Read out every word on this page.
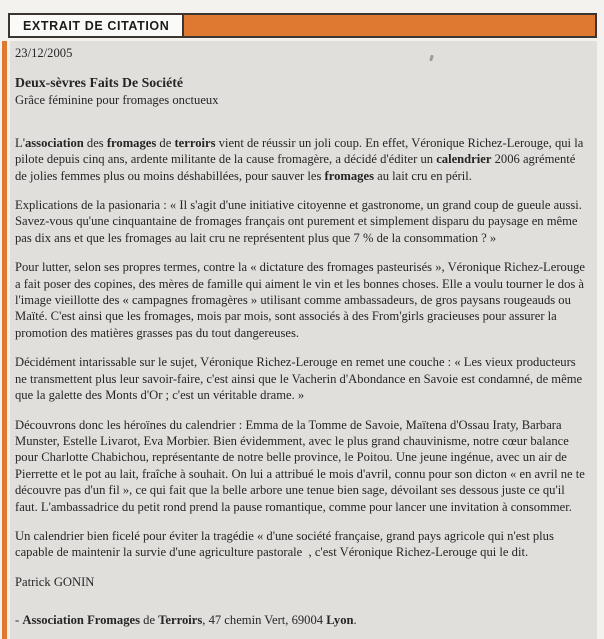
EXTRAIT DE CITATION
23/12/2005
Deux-sèvres Faits De Société
Grâce féminine pour fromages onctueux

L'association des fromages de terroirs vient de réussir un joli coup. En effet, Véronique Richez-Lerouge, qui la pilote depuis cinq ans, ardente militante de la cause fromagère, a décidé d'éditer un calendrier 2006 agrémenté de jolies femmes plus ou moins déshabillées, pour sauver les fromages au lait cru en péril.

Explications de la pasionaria : « Il s'agit d'une initiative citoyenne et gastronome, un grand coup de gueule aussi. Savez-vous qu'une cinquantaine de fromages français ont purement et simplement disparu du paysage en même pas dix ans et que les fromages au lait cru ne représentent plus que 7 % de la consommation ? »

Pour lutter, selon ses propres termes, contre la « dictature des fromages pasteurisés », Véronique Richez-Lerouge a fait poser des copines, des mères de famille qui aiment le vin et les bonnes choses. Elle a voulu tourner le dos à l'image vieillotte des « campagnes fromagères » utilisant comme ambassadeurs, de gros paysans rougeauds ou Maïté. C'est ainsi que les fromages, mois par mois, sont associés à des From'girls gracieuses pour assurer la promotion des matières grasses pas du tout dangereuses.

Décidément intarissable sur le sujet, Véronique Richez-Lerouge en remet une couche : « Les vieux producteurs ne transmettent plus leur savoir-faire, c'est ainsi que le Vacherin d'Abondance en Savoie est condamné, de même que la galette des Monts d'Or ; c'est un véritable drame. »

Découvrons donc les héroïnes du calendrier : Emma de la Tomme de Savoie, Maïtena d'Ossau Iraty, Barbara Munster, Estelle Livarot, Eva Morbier. Bien évidemment, avec le plus grand chauvinisme, notre cœur balance pour Charlotte Chabichou, représentante de notre belle province, le Poitou. Une jeune ingénue, avec un air de Pierrette et le pot au lait, fraîche à souhait. On lui a attribué le mois d'avril, connu pour son dicton « en avril ne te découvre pas d'un fil », ce qui fait que la belle arbore une tenue bien sage, dévoilant ses dessous juste ce qu'il faut. L'ambassadrice du petit rond prend la pause romantique, comme pour lancer une invitation à consommer.

Un calendrier bien ficelé pour éviter la tragédie « d'une société française, grand pays agricole qui n'est plus capable de maintenir la survie d'une agriculture pastorale  , c'est Véronique Richez-Lerouge qui le dit.

Patrick GONIN
- Association Fromages de Terroirs, 47 chemin Vert, 69004 Lyon.
